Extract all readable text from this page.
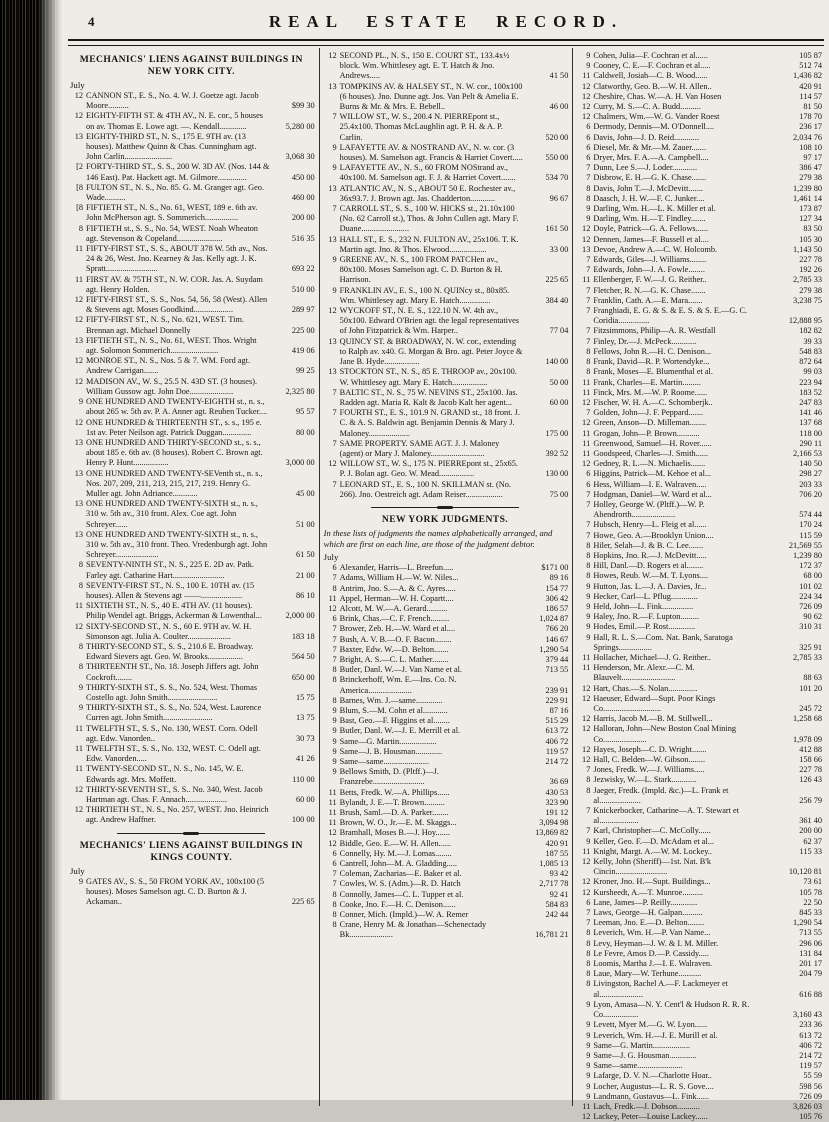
4	REAL ESTATE RECORD.
MECHANICS' LIENS AGAINST BUILDINGS IN NEW YORK CITY.
July
12 CANNON ST., E. S., No. 4. W. J. Goetze agt. Jacob Moore..........	$99 30
12 EIGHTY-FIFTH ST. & 4TH AV., N. E. cor., 5 houses on av. Thomas E. Lowe agt. —. Kendall.............	5,280 00
13 EIGHTY-THIRD ST., N. S., 175 E. 9TH av. (13 houses). Matthew Quinn & Chas. Cunningham agt. John Carlin.......................	3,068 30
[2 FORTY-THIRD ST., S. S., 200 W. 3D AV. (Nos. 144 & 146 East). Pat. Hackett agt. M. Gilmore..............	450 00
[8 FULTON ST., N. S., No. 85. G. M. Granger agt. Geo. Wade..........	460 00
[8 FIFTIETH ST., N. S., No. 61, WEST, 189 e. 6th av. John McPherson agt. S. Sommerich................	200 00
8 FIFTIETH st., S. S., No. 54, WEST. Noah Wheaton agt. Stevenson & Copeland......................	516 35
11 FIFTY-FIRST ST., S. S., ABOUT 378 W. 5th av., Nos. 24 & 26, West. Jno. Kearney & Jas. Kelly agt. J. K. Spratt.........................	693 22
11 FIRST AV. & 75TH ST., N. W. COR. Jas. A. Suydam agt. Henry Holden.	510 00
12 FIFTY-FIRST ST., S. S., Nos. 54, 56, 58 (West). Allen & Stevens agt. Moses Goodkind...................	289 97
12 FIFTY-FIRST ST., N. S., No. 621, WEST. Tim. Brennan agt. Michael Donnelly	225 00
13 FIFTIETH ST., N. S., No. 61, WEST. Thos. Wright agt. Solomon Sommerich.......................	419 06
12 MONROE ST., N. S., Nos. 5 & 7. WM. Ford agt. Andrew Carrigan.......	99 25
12 MADISON AV., W. S., 25.5 N. 43D ST. (3 houses). William Gussow agt. John Doe.....................	2,325 80
9 ONE HUNDRED AND TWENTY-EIGHTH st., n. s., about 265 w. 5th av. P. A. Anner agt. Reuben Tucker....	95 57
12 ONE HUNDRED & THIRTEENTH ST., s. s., 195 e. 1st av. Peter Neilson agt. Patrick Duggan..............	80 00
13 ONE HUNDRED AND THIRTY-SECOND st., s. s., about 185 e. 6th av. (8 houses). Robert C. Brown agt. Henry P. Hunt.................	3,000 00
13 ONE HUNDRED AND TWENTY-SEVenth st., n. s., Nos. 207, 209, 211, 213, 215, 217, 219. Henry G. Muller agt. John Adriance............	45 00
13 ONE HUNDRED AND TWENTY-SIXTH st., n. s., 310 w. 5th av., 310 front. Alex. Coe agt. John Schreyer......	51 00
13 ONE HUNDRED AND TWENTY-SIXTH st., n. s., 310 w. 5th av., 310 front. Theo. Vredenburgh agt. John Schreyer.....................	61 50
8 SEVENTY-NINTH ST., N. S., 225 E. 2D av. Patk. Farley agt. Catharine Hart.........................	21 00
8 SEVENTY-FIRST ST., N. S., 100 E. 10TH av. (15 houses). Allen & Stevens agt ——....................	86 10
11 SIXTIETH ST., N. S., 40 E. 4TH AV. (11 houses). Philip Wendel agt. Briggs, Ackerman & Lowenthal...	2,000 00
12 SIXTY-SECOND ST., N. S., 60 E. 9TH av. W. H. Simonson agt. Julia A. Coulter.....................	183 18
8 THIRTY-SECOND ST., S. S., 210.6 E. Broadway. Edward Sievers agt. Geo. W. Brooks.................	564 50
8 THIRTEENTH ST., No. 18. Joseph Jiffers agt. John Cockroft........	650 00
9 THIRTY-SIXTH ST., S. S., No. 524, West. Thomas Costello agt. John Smith........................	15 75
9 THIRTY-SIXTH ST., S. S., No. 524, West. Laurence Curren agt. John Smith........................	13 75
11 TWELFTH ST., S. S., No. 130, WEST. Corn. Odell agt. Edw. Vanorden..	30 73
11 TWELFTH ST., S. S., No. 132, WEST. C. Odell agt. Edw. Vanorden.....	41 26
11 TWENTY-SECOND ST., N. S., No. 145, W. E. Edwards agt. Mrs. Moffett.	110 00
12 THIRTY-SEVENTH ST., S. S.. No. 340, West. Jacob Hartman agt. Chas. F. Annach....................	60 00
12 THIRTIETH ST., N. S., No. 257, WEST. Jno. Heinrich agt. Andrew Haffner.	100 00
MECHANICS' LIENS AGAINST BUILDINGS IN KINGS COUNTY.
July
9 GATES AV., S. S., 50 FROM YORK AV., 100x100 (5 houses). Moses Samelson agt. C. D. Burton & J. Ackaman..	225 65
12 SECOND PL., N. S., 150 E. COURT ST., 133.4x½ block. Wm. Whittlesey agt. E. T. Hatch & Jno. Andrews.....	41 50
13 TOMPKINS AV. & HALSEY ST., N. W. cor., 100x100 (6 houses). Jno. Dunne agt. Jos. Van Pelt & Amelia E. Burns & Mr. & Mrs. E. Bebell..	46 00
7 WILLOW ST., W. S., 200.4 N. PIERREpont st., 25.4x100. Thomas McLaughlin agt. P. H. & A. P. Carlin.	520 00
9 LAFAYETTE AV. & NOSTRAND AV., N. w. cor. (3 houses). M. Samelson agt. Francis & Harriet Covert.....	550 00
9 LAFAYETTE AV., N. S., 60 FROM NOStrand av., 40x100. M. Samelson agt. F. J. & Harriet Covert.......	534 70
13 ATLANTIC AV., N. S., ABOUT 50 E. Rochester av., 36x93.7. J. Brown agt. Jas. Chadderton............	96 67
7 CARROLL ST., S. S., 100 W. HICKS st., 21.10x100 (No. 62 Carroll st.), Thos. & John Cullen agt. Mary F. Duane.......................	161 50
13 HALL ST., E. S., 232 N. FULTON AV., 25x106. T. K. Martin agt. Jno. & Thos. Elwood..................	33 00
9 GREENE AV., N. S., 100 FROM PATCHen av., 80x100. Moses Samelson agt. C. D. Burton & H. Harrison.	225 65
9 FRANKLIN AV., E. S., 100 N. QUINcy st., 80x85. Wm. Whittlesey agt. Mary E. Hatch...............	384 40
12 WYCKOFF ST., N. E. S., 122.10 N. W. 4th av., 50x100. Edward O'Brien agt. the legal representatives of John Fitzpatrick & Wm. Harper..	77 04
13 QUINCY ST. & BROADWAY, N. W. cor., extending to Ralph av. x40. G. Morgan & Bro. agt. Peter Joyce & Jane B. Hyde.................	140 00
13 STOCKTON ST., N. S., 85 E. THROOP av., 20x100. W. Whittlesey agt. Mary E. Hatch.................	50 00
7 BALTIC ST., N. S., 75 W. NEVINS ST., 25x100. Jas. Radden agt. Maria R. Kalt & Jacob Kalt her agent...	60 00
7 FOURTH ST., E. S., 101.9 N. GRAND st., 18 front. J. C. & A. S. Baldwin agt. Benjamin Dennis & Mary J. Maloney....................	175 00
7 SAME PROPERTY. SAME AGT. J. J. Maloney (agent) or Mary J. Maloney..........................	392 52
12 WILLOW ST., W. S., 175 N. PIERREpont st., 25x65. P. J. Bolan agt. Geo. W. Mead.................	130 00
7 LEONARD ST., E. S., 100 N. SKILLMAN st. (No. 266). Jno. Oestreich agt. Adam Reiser..................	75 00
NEW YORK JUDGMENTS.

In these lists of judgments the names alphabetically arranged, and which are first on each line, are those of the judgment debtor.

July
6 Alexander, Harris—L. Breefun.....	$171 00
7 Adams, William H.—W. W. Niles...	89 16
8 Antrim, Jno. S.—A. & C. Ayres.....	154 77
11 Appel, Herman—W. H. Copartt....	306 42
12 Alcott, M. W.—A. Gerard..........	186 57
6 Brink, Chas.—C. F. French.........	1,024 87
7 Brower, Zeb. H.—W. Ward et al....	766 20
7 Bush, A. V. B.—O. F. Bacon........	146 67
7 Baxter, Edw. W.—D. Belton.......	1,290 54
7 Bright, A. S.—C. L. Mather........	379 44
8 Butler, Danl. W.—J. Van Name et al.	713 55
8 Brinckerhoff, Wm. E.—Ins. Co. N. America.....................	239 91
8 Barnes, Wm. J.—same.............	229 91
9 Blum, S.—M. Cohn et al............	87 16
9 Bast, Geo.—F. Higgins et al........	515 29
9 Butler, Danl. W.—J. E. Merrill et al.	613 72
9 Same—G. Martin..................	406 72
9 Same—J. B. Housman.............	119 57
9 Same—same......................	214 72
9 Bellows Smith, D. (Pltff.)—J. Franzrebe.........................	36 69
11 Betts, Fredk. W.—A. Phillips......	430 53
11 Bylandt, J. E.—T. Brown..........	323 90
11 Brush, Saml.—D. A. Parker........	191 12
11 Brown, W. O., Jr.—E. M. Skaggs...	3,094 98
12 Bramhall, Moses B.—J. Hoy.......	13,869 82
12 Biddle, Geo. E.—W. H. Allen......	420 91
6 Connelly, Hy. M.—J. Lomas........	187 55
6 Cantrell, John—M. A. Gladding.....	1,085 13
7 Coleman, Zacharias—E. Baker et al.	93 42
7 Cowles, W. S. (Adm.)—R. D. Hatch	2,717 78
8 Connolly, James—C. L. Tupper et al.	92 41
8 Cooke, Jno. F.—H. C. Denison......	584 83
8 Conner, Mich. (Impld.)—W. A. Remer	242 44
8 Crane, Henry M. & Jonathan—Schenectady Bk.....................	16,781 21
9 Cohen, Julia—F. Cochran et al......	105 87
9 Cooney, C. E.—F. Cochran et al.....	512 74
11 Caldwell, Josiah—C. B. Wood......	1,436 82
12 Clatworthy, Geo. B.—W. H. Allen..	420 91
12 Cheshire, Chas. W.—A. H. Van Hosen	114 57
12 Curry, M. S.—C. A. Budd..........	81 50
12 Chalmers, Wm.—W. G. Vander Roest	178 70
6 Dermody, Dennis—M. O'Donnell....	236 17
6 Davis, John—J. D. Reid............	2,034 76
6 Diesel, Mr. & Mr.—M. Zauer.......	108 10
6 Dryer, Mrs. F. A.—A. Campbell....	97 17
7 Dunn, Lee S.—J. Loder............	386 47
7 Disbrow, E. H.—G. K. Chase.......	279 38
8 Davis, John T.—J. McDevitt.......	1,239 80
8 Daasch, J. H. W.—F. C. Junker....	1,461 14
9 Darling, Wm. H.—L. K. Miller et al.	173 87
9 Darling, Wm. H.—T. Findley.......	127 34
12 Doyle, Patrick—G. A. Fellows......	83 50
12 Dennen, James—F. Bussell et al....	105 30
13 Devoe, Andrew A.—C. W. Holcomb.	1,143 50
7 Edwards, Giles—J. Williams........	227 78
7 Edwards, John—J. A. Fowle........	192 26
11 Ellenberger, F. W.—J. G. Reither..	2,785 33
7 Fletcher, R. N.—G. K. Chase.......	279 38
7 Franklin, Cath. A.—E. Mara.......	3,238 75
7 Franghiadi, E. G. & S. & E. S. & S. E.—G. C. Coridia...............	12,888 95
7 Fitzsimmons, Philip—A. R. Westfall	182 82
7 Finley, Dr.—J. McPeck............	39 33
8 Fellows, John R.—H. C. Denison...	548 83
8 Frank, David—R. P. Wortendyke...	872 64
8 Frank, Moses—E. Blumenthal et al.	99 03
11 Frank, Charles—E. Martin.........	223 94
11 Finck, Mrs. M.—W. P. Roome......	183 52
12 Fischer, W. H. A.—C. Schomberjk..	247 83
7 Golden, John—J. F. Peppard.......	141 46
12 Green, Anson—D. Milleman........	137 68
11 Grogan, John—P. Brown...........	118 00
11 Greenwood, Samuel—H. Rover......	290 11
11 Goodspeed, Charles—J. Smith......	2,166 53
12 Gedney, R. L.—N. Michaelis.......	140 50
6 Higgins, Patrick—M. Kehoe et al...	298 27
6 Hess, William—I. E. Walraven.....	203 33
7 Hodgman, Daniel—W. Ward et al...	706 20
7 Holley, George W. (Pltff.)—W. P. Abendrorth.....................	574 44
7 Hubsch, Henry—L. Fleig et al......	170 24
7 Howe, Geo. A.—Brooklyn Union....	115 59
8 Hiler, Selah—J. & B. C. Lee.......	21,569 55
8 Hopkins, Jno. R.—J. McDevitt.....	1,239 80
8 Hill, Danl.—D. Rogers et al........	172 37
8 Howes, Reub. W.—M. T. Lyons....	68 00
9 Hutton, Jas. L.—J. A. Davies, Jr...	101 02
9 Hecker, Carl—L. Pflug.............	224 34
9 Held, John—L. Fink...............	726 09
9 Haley, Jno. R.—F. Lupton.........	90 62
9 Hodes, Emil.—P. Rost.............	310 31
9 Hall, R. L. S.—Com. Nat. Bank, Saratoga Springs................	325 91
11 Hollacher, Michael—J. G. Reither..	2,785 33
11 Henderson, Mr. Alexr.—C. M. Blauvelt..........................	88 63
12 Hart, Chas.—S. Nolan..............	101 20
12 Haeuser, Edward—Supt. Poor Kings Co............................	245 72
12 Harris, Jacob M.—B. M. Stillwell...	1,258 68
12 Halloran, John—New Boston Coal Mining Co.....................	1,978 09
12 Hayes, Joseph—C. D. Wright.......	412 88
12 Hall, C. Belden—W. Gibson........	158 66
7 Jones, Fredk. W.—J. Williams.....	227 78
8 Jezwisky, W.—L. Stark............	126 43
8 Jaeger, Fredk. (Impld. &c.)—L. Frank et al....................	256 79
7 Knickerbocker, Catharine—A. T. Stewart et al...................	361 40
7 Karl, Christopher—C. McColly......	200 00
9 Keller, Geo. F.—D. McAdam et al...	62 37
11 Knight, Margt. A.—W. M. Lockey..	115 33
12 Kelly, John (Sheriff)—1st. Nat. B'k Cincin.........................	10,120 81
12 Kroner, Jno. H.—Supt. Buildings...	73 61
12 Kursheedt, A.—T. Munroe..........	105 78
6 Lane, James—P. Reilly.............	22 50
7 Laws, George—H. Galpan..........	845 33
7 Leeman, Jno. E.—D. Belton........	1,290 54
8 Leverich, Wm. H.—P. Van Name...	713 55
8 Levy, Heyman—J. W. & I. M. Miller.	296 06
8 Le Fevre, Amos D.—P. Cassidy.....	131 84
8 Loomis, Martha J.—I. E. Walraven.	201 17
8 Laue, Mary—W. Terhune...........	204 79
8 Livingston, Rachel A.—F. Lackmeyer et al.....................	616 88
9 Lyon, Amasa—N. Y. Cent'l & Hudson R. R. R. Co.................	3,160 43
9 Levett, Myer M.—G. W. Lyon......	233 36
9 Leverich, Wm. H.—J. E. Murill et al.	613 72
9 Same—G. Martin..................	406 72
9 Same—J. G. Housman.............	214 72
9 Same—same......................	119 57
9 Lafarge, D. V. N.—Charlotte Hoar..	55 59
9 Locher, Augustus—L. R. S. Gove....	598 56
9 Landmann, Gustavus—L. Fink......	726 09
11 Lach, Fredk.—J. Dobson...........	3,826 03
12 Lackey, Peter—Louise Lackey......	105 76
